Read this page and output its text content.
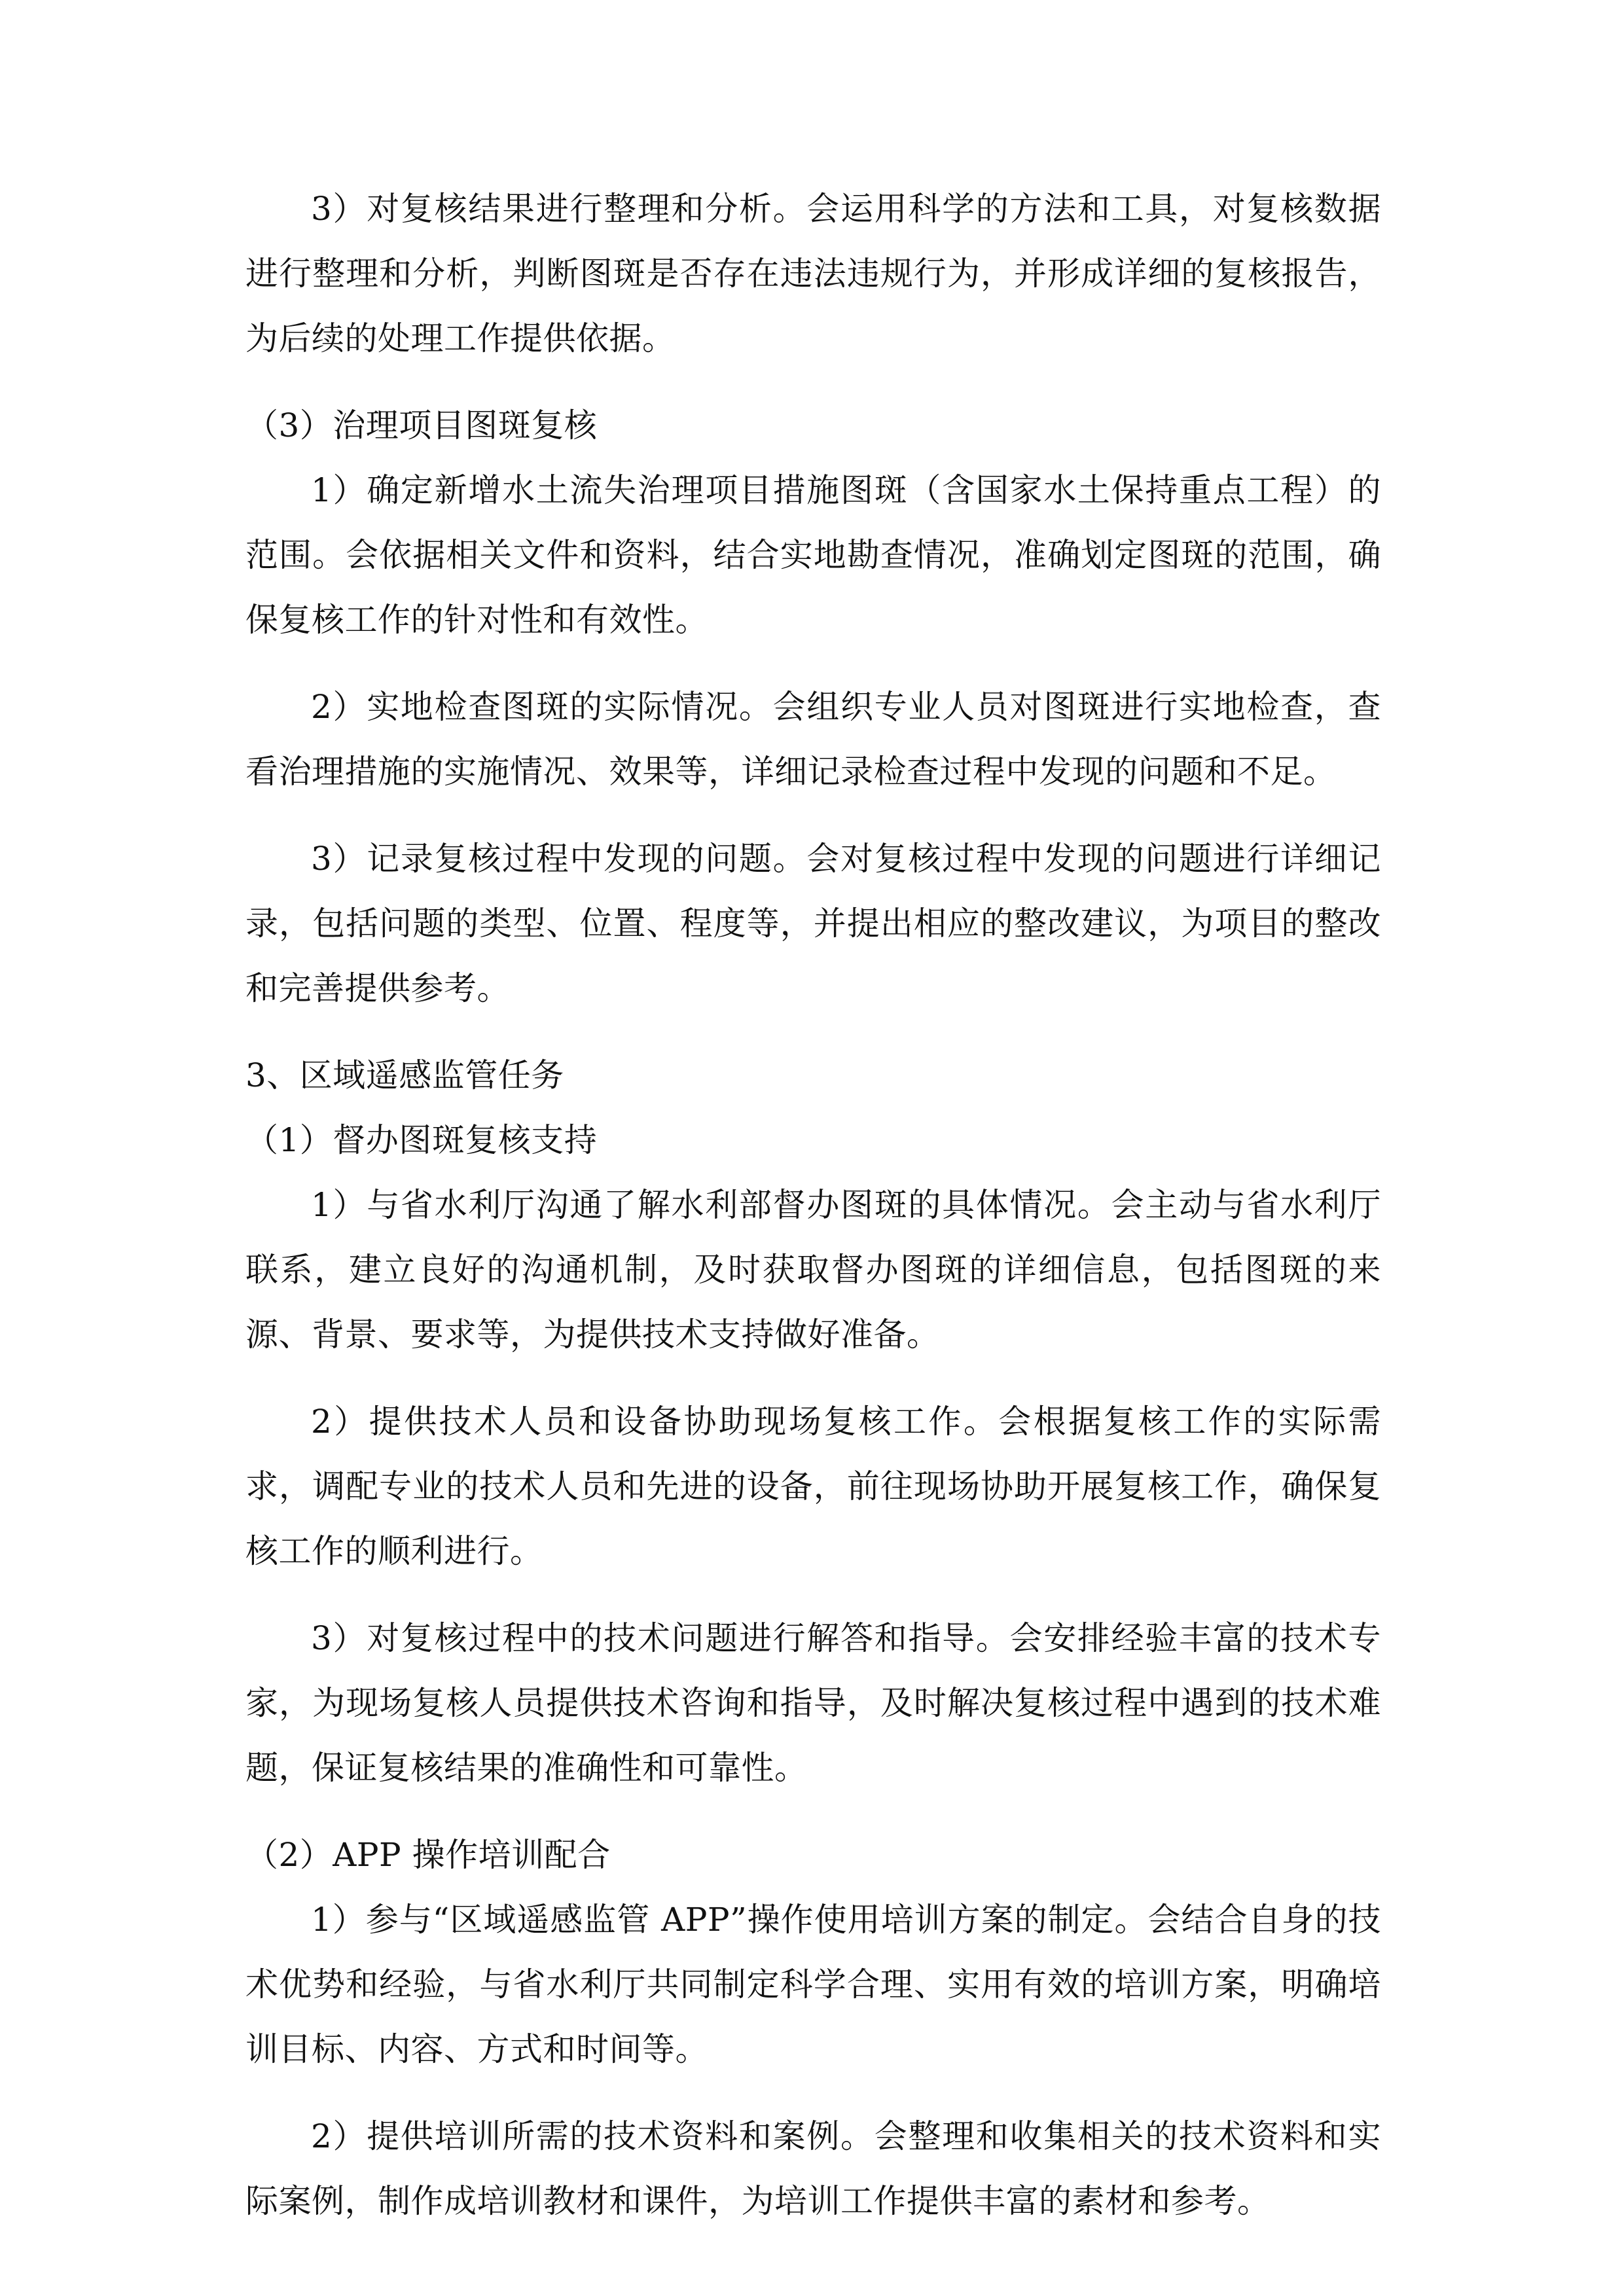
3）对复核结果进行整理和分析。会运用科学的方法和工具，对复核数据进行整理和分析，判断图斑是否存在违法违规行为，并形成详细的复核报告，为后续的处理工作提供依据。

（3）治理项目图斑复核

1）确定新增水土流失治理项目措施图斑（含国家水土保持重点工程）的范围。会依据相关文件和资料，结合实地勘查情况，准确划定图斑的范围，确保复核工作的针对性和有效性。

2）实地检查图斑的实际情况。会组织专业人员对图斑进行实地检查，查看治理措施的实施情况、效果等，详细记录检查过程中发现的问题和不足。

3）记录复核过程中发现的问题。会对复核过程中发现的问题进行详细记录，包括问题的类型、位置、程度等，并提出相应的整改建议，为项目的整改和完善提供参考。

3、区域遥感监管任务
（1）督办图斑复核支持

1）与省水利厅沟通了解水利部督办图斑的具体情况。会主动与省水利厅联系，建立良好的沟通机制，及时获取督办图斑的详细信息，包括图斑的来源、背景、要求等，为提供技术支持做好准备。

2）提供技术人员和设备协助现场复核工作。会根据复核工作的实际需求，调配专业的技术人员和先进的设备，前往现场协助开展复核工作，确保复核工作的顺利进行。

3）对复核过程中的技术问题进行解答和指导。会安排经验丰富的技术专家，为现场复核人员提供技术咨询和指导，及时解决复核过程中遇到的技术难题，保证复核结果的准确性和可靠性。

（2）APP 操作培训配合

1）参与“区域遥感监管 APP”操作使用培训方案的制定。会结合自身的技术优势和经验，与省水利厅共同制定科学合理、实用有效的培训方案，明确培训目标、内容、方式和时间等。

2）提供培训所需的技术资料和案例。会整理和收集相关的技术资料和实际案例，制作成培训教材和课件，为培训工作提供丰富的素材和参考。
